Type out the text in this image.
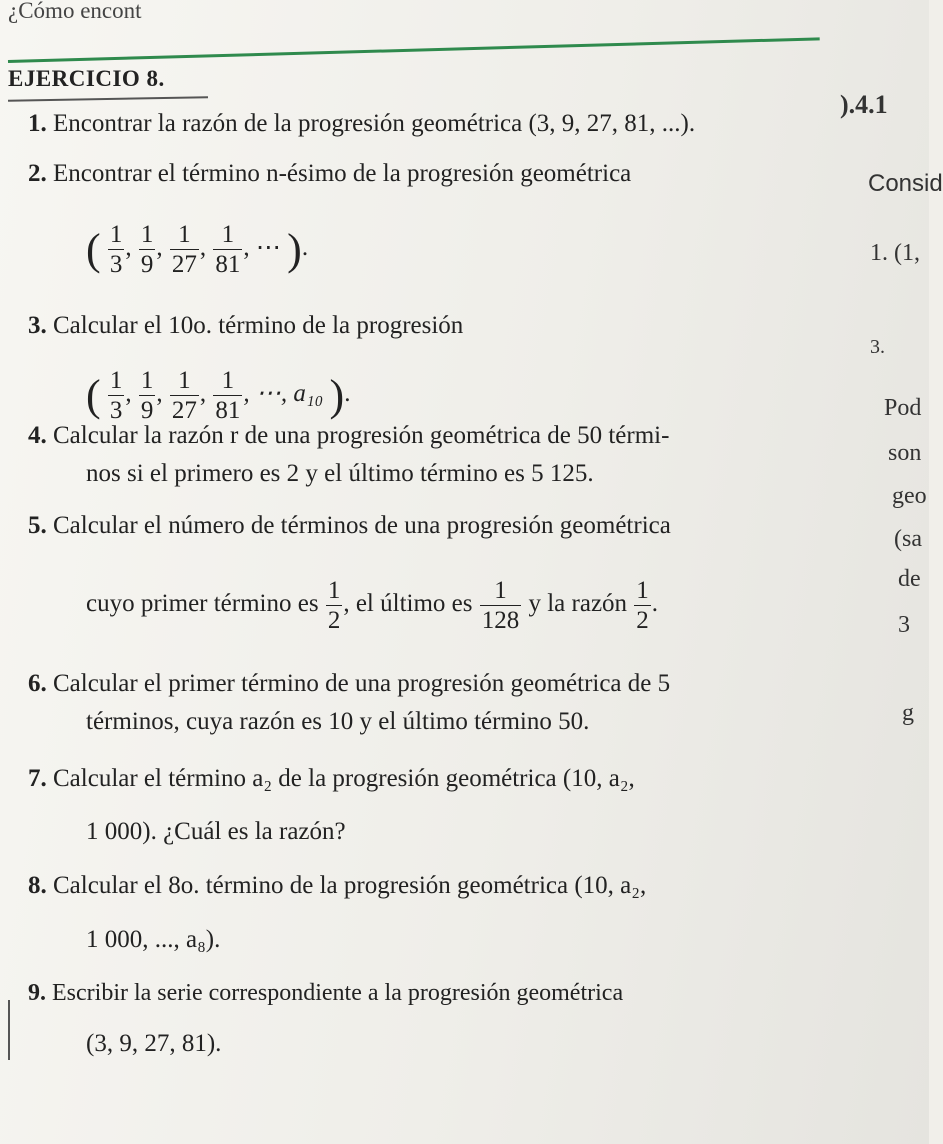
¿Cómo encont
EJERCICIO 8.
1. Encontrar la razón de la progresión geométrica (3, 9, 27, 81, ...).
2. Encontrar el término n-ésimo de la progresión geométrica
( $\frac{1}{3}$ , $\frac{1}{9}$ , $\frac{1}{27}$ , $\frac{1}{81}$ , ⋯ ).
3. Calcular el 10o. término de la progresión
( $\frac{1}{3}$ , $\frac{1}{9}$ , $\frac{1}{27}$ , $\frac{1}{81}$ , ⋯, a₁₀ ).
4. Calcular la razón r de una progresión geométrica de 50 térmi-
nos si el primero es 2 y el último término es 5 125.
5. Calcular el número de términos de una progresión geométrica
cuyo primer término es $\frac{1}{2}$ , el último es $\frac{1}{128}$ y la razón $\frac{1}{2}$ .
6. Calcular el primer término de una progresión geométrica de 5
términos, cuya razón es 10 y el último término 50.
7. Calcular el término a₂ de la progresión geométrica (10, a₂,
1 000). ¿Cuál es la razón?
8. Calcular el 8o. término de la progresión geométrica (10, a₂,
1 000, ..., a₈).
9. Escribir la serie correspondiente a la progresión geométrica
(3, 9, 27, 81).
).4.1
Consid
1. (1,
3.
Pod
son
geo
(sa
de
3
g
